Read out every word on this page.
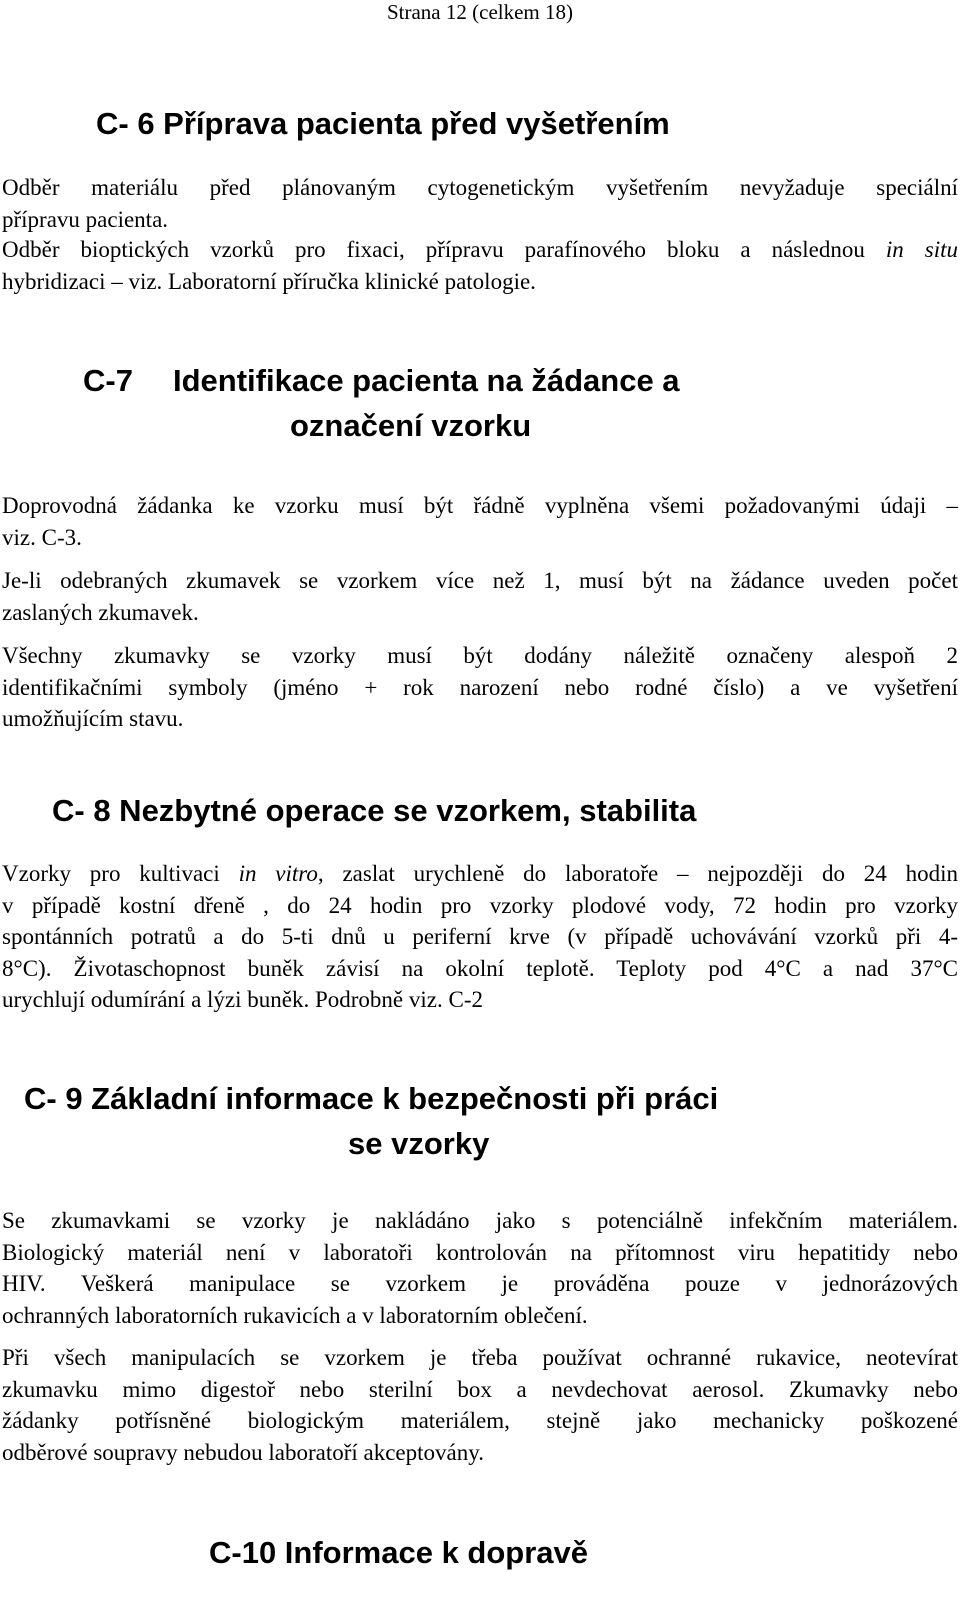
Strana 12 (celkem 18)
C- 6 Příprava pacienta před vyšetřením

Odběr materiálu před plánovaným cytogenetickým vyšetřením nevyžaduje speciální
přípravu pacienta.

Odběr bioptických vzorků pro fixaci, přípravu parafínového bloku a následnou in situ
hybridizaci – viz. Laboratorní příručka klinické patologie.

C-7 Identifikace pacienta na žádance a
označení vzorku

Doprovodná žádanka ke vzorku musí být řádně vyplněna všemi požadovanými údaji –
viz. C-3.

Je-li odebraných zkumavek se vzorkem více než 1, musí být na žádance uveden počet
zaslaných zkumavek.

Všechny zkumavky se vzorky musí být dodány náležitě označeny alespoň 2
identifikačními symboly (jméno + rok narození nebo rodné číslo) a ve vyšetření
umožňujícím stavu.

C- 8 Nezbytné operace se vzorkem, stabilita

Vzorky pro kultivaci in vitro, zaslat urychleně do laboratoře – nejpozději do 24 hodin
v případě kostní dřeně , do 24 hodin pro vzorky plodové vody, 72 hodin pro vzorky
spontánních potratů a do 5-ti dnů u periferní krve (v případě uchovávání vzorků při 4-
8°C). Životaschopnost buněk závisí na okolní teplotě. Teploty pod 4°C a nad 37°C
urychlují odumírání a lýzi buněk. Podrobně viz. C-2

C- 9 Základní informace k bezpečnosti při práci
se vzorky

Se zkumavkami se vzorky je nakládáno jako s potenciálně infekčním materiálem.
Biologický materiál není v laboratoři kontrolován na přítomnost viru hepatitidy nebo
HIV. Veškerá manipulace se vzorkem je prováděna pouze v jednorázových
ochranných laboratorních rukavicích a v laboratorním oblečení.

Při všech manipulacích se vzorkem je třeba používat ochranné rukavice, neotevírat
zkumavku mimo digestoř nebo sterilní box a nevdechovat aerosol. Zkumavky nebo
žádanky potřísněné biologickým materiálem, stejně jako mechanicky poškozené
odběrové soupravy nebudou laboratoří akceptovány.

C-10 Informace k dopravě
